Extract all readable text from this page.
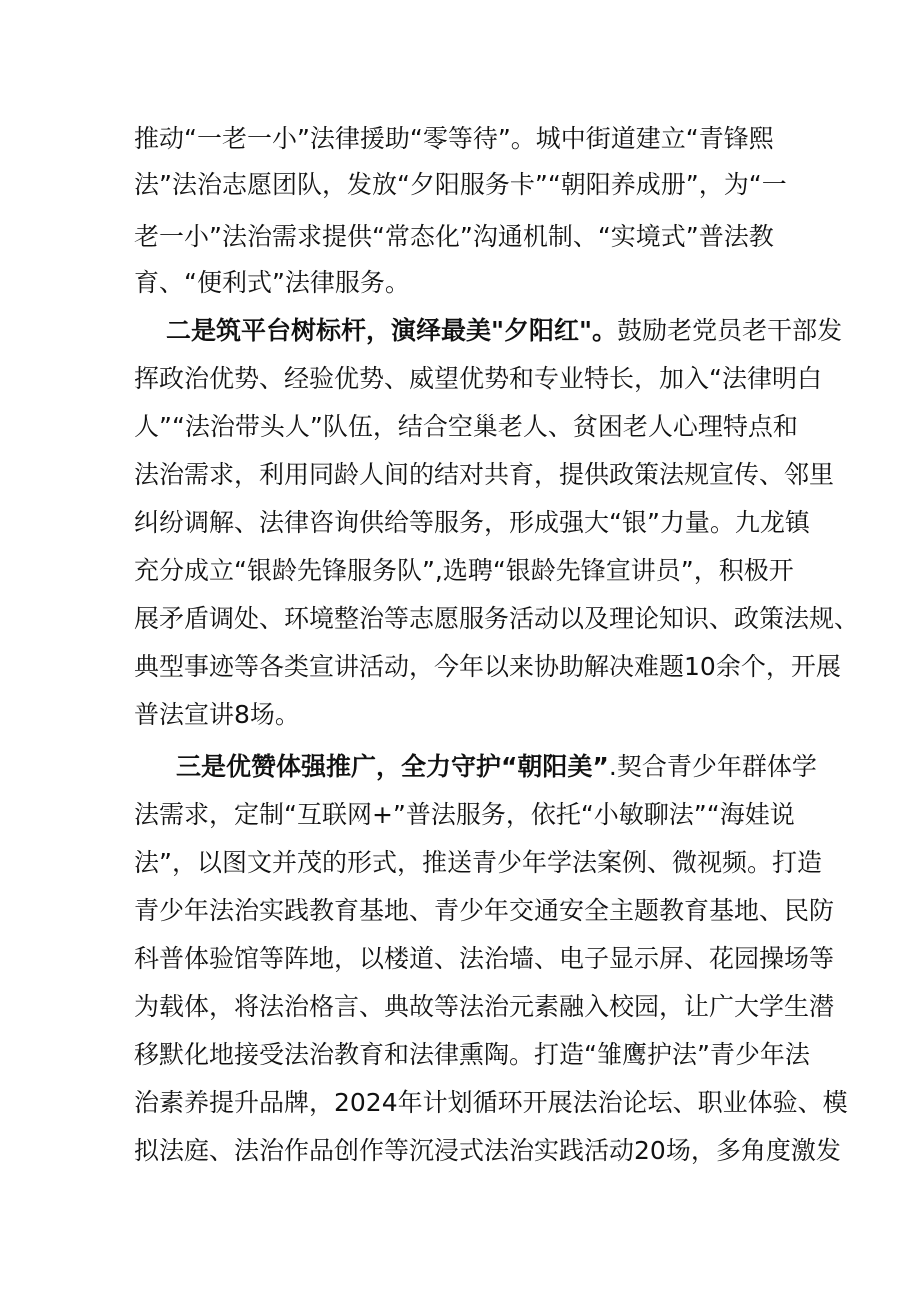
推动“一老一小”法律援助“零等待”。城中街道建立“青锋熙
法”法治志愿团队，发放“夕阳服务卡”“朝阳养成册”，为“一
老一小”法治需求提供“常态化”沟通机制、“实境式”普法教
育、“便利式”法律服务。
二是筑平台树标杆，演绎最美"夕阳红"。鼓励老党员老干部发
挥政治优势、经验优势、威望优势和专业特长，加入“法律明白
人”“法治带头人”队伍，结合空巢老人、贫困老人心理特点和
法治需求，利用同龄人间的结对共育，提供政策法规宣传、邻里
纠纷调解、法律咨询供给等服务，形成强大“银”力量。九龙镇
充分成立“银龄先锋服务队”,选聘“银龄先锋宣讲员”，积极开
展矛盾调处、环境整治等志愿服务活动以及理论知识、政策法规、
典型事迹等各类宣讲活动，今年以来协助解决难题10余个，开展
普法宣讲8场。
三是优赞体强推广，全力守护“朝阳美”.契合青少年群体学
法需求，定制“互联网+”普法服务，依托“小敏聊法”“海娃说
法”，以图文并茂的形式，推送青少年学法案例、微视频。打造
青少年法治实践教育基地、青少年交通安全主题教育基地、民防
科普体验馆等阵地，以楼道、法治墙、电子显示屏、花园操场等
为载体，将法治格言、典故等法治元素融入校园，让广大学生潜
移默化地接受法治教育和法律熏陶。打造“雏鹰护法”青少年法
治素养提升品牌，2024年计划循环开展法治论坛、职业体验、模
拟法庭、法治作品创作等沉浸式法治实践活动20场，多角度激发
